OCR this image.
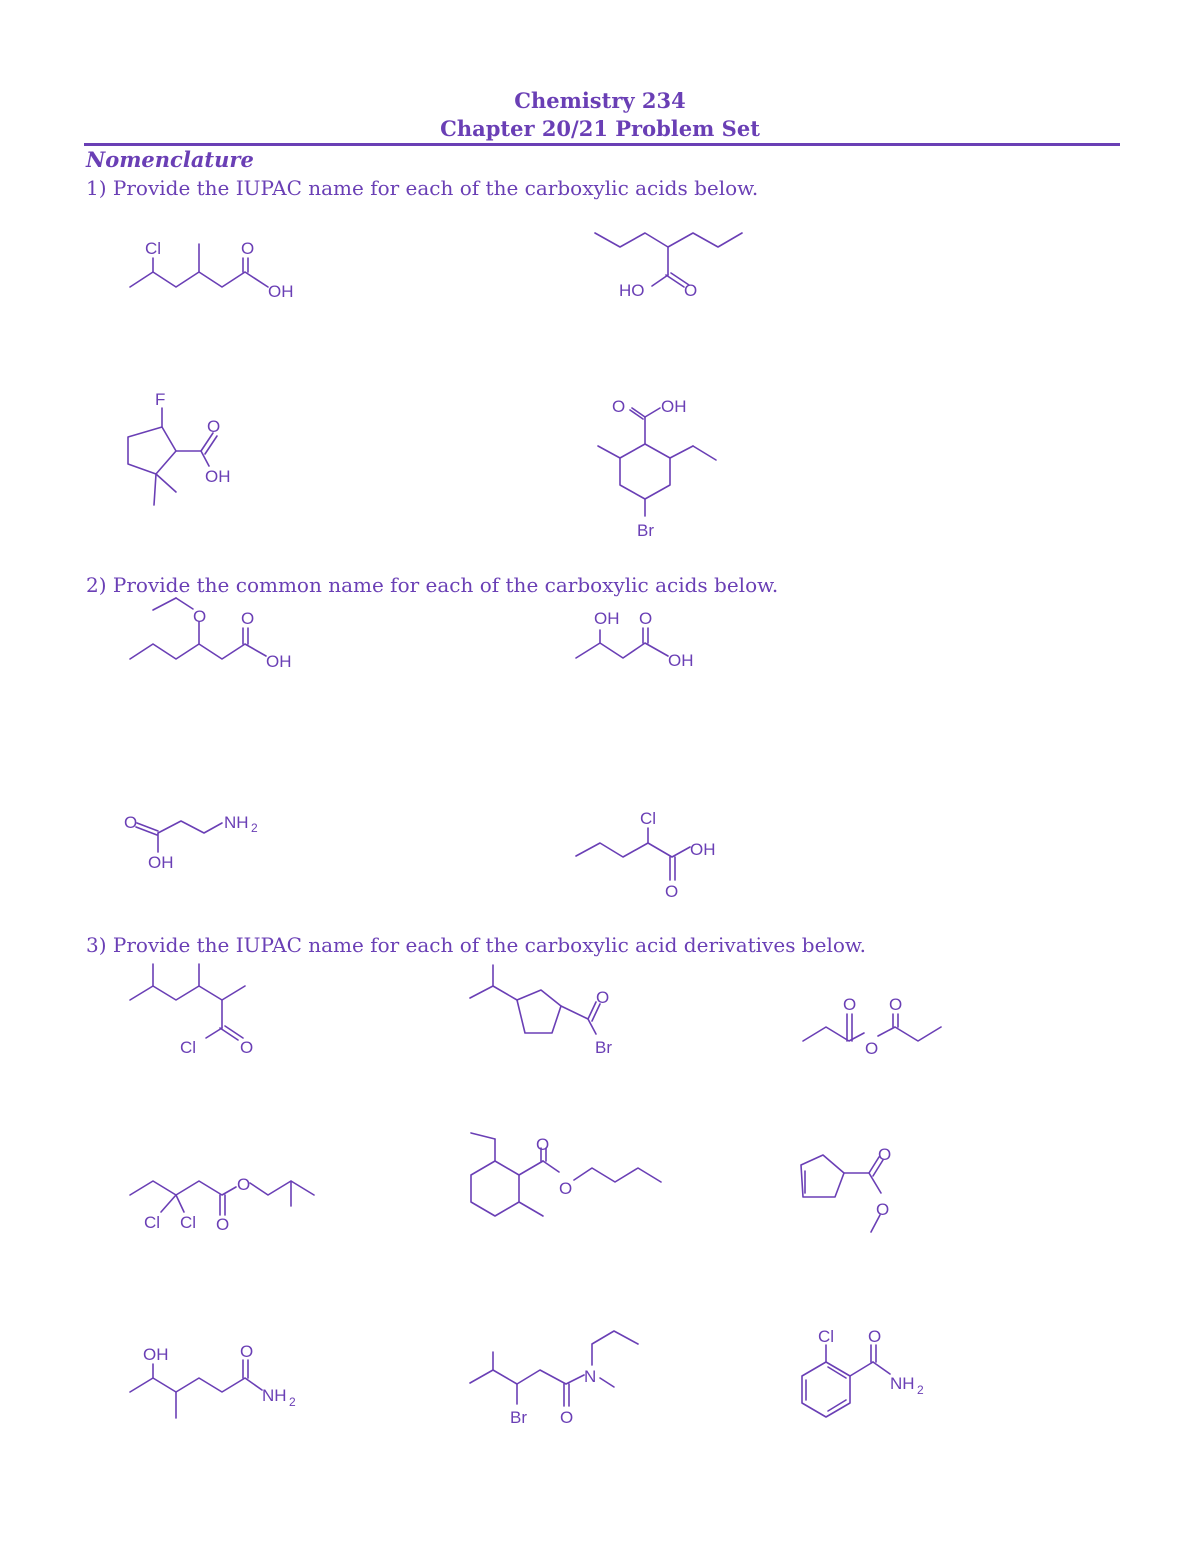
Chemistry 234
Chapter 20/21 Problem Set
Nomenclature
1) Provide the IUPAC name for each of the carboxylic acids below.
2) Provide the common name for each of the carboxylic acids below.
3) Provide the IUPAC name for each of the carboxylic acid derivatives below.
Cl	O
OH	HO O
F
O
OH
O OH
Br
O O
OH
OH O
OH
O
OH
NH 2	Cl
OH
O
Cl	O
O
Br
O O
O
Cl Cl O
O
O
O
O
O
OH	O
NH 2
N
Br O
Cl O
NH 2
